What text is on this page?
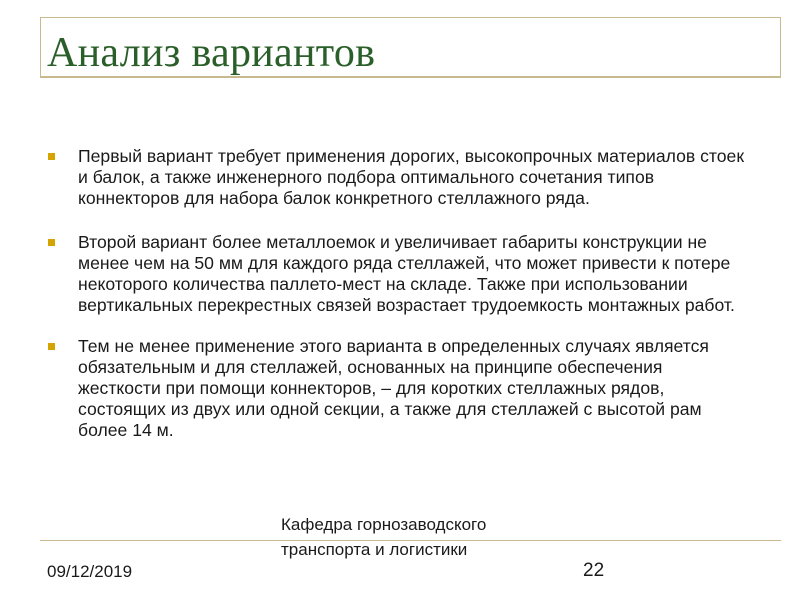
Анализ вариантов
Первый вариант требует применения дорогих, высокопрочных материалов стоек и балок, а также инженерного подбора оптимального сочетания типов коннекторов для набора балок конкретного стеллажного ряда.
Второй вариант более металлоемок и увеличивает габариты конструкции не менее чем на 50 мм для каждого ряда стеллажей, что может привести к потере некоторого количества паллето-мест на складе. Также при использовании вертикальных перекрестных связей возрастает трудоемкость монтажных работ.
Тем не менее применение этого варианта в определенных случаях является обязательным и для стеллажей, основанных на принципе обеспечения жесткости при помощи коннекторов, – для коротких стеллажных рядов, состоящих из двух или одной секции, а также для стеллажей с высотой рам более 14 м.
09/12/2019
Кафедра горнозаводского транспорта и логистики
22
